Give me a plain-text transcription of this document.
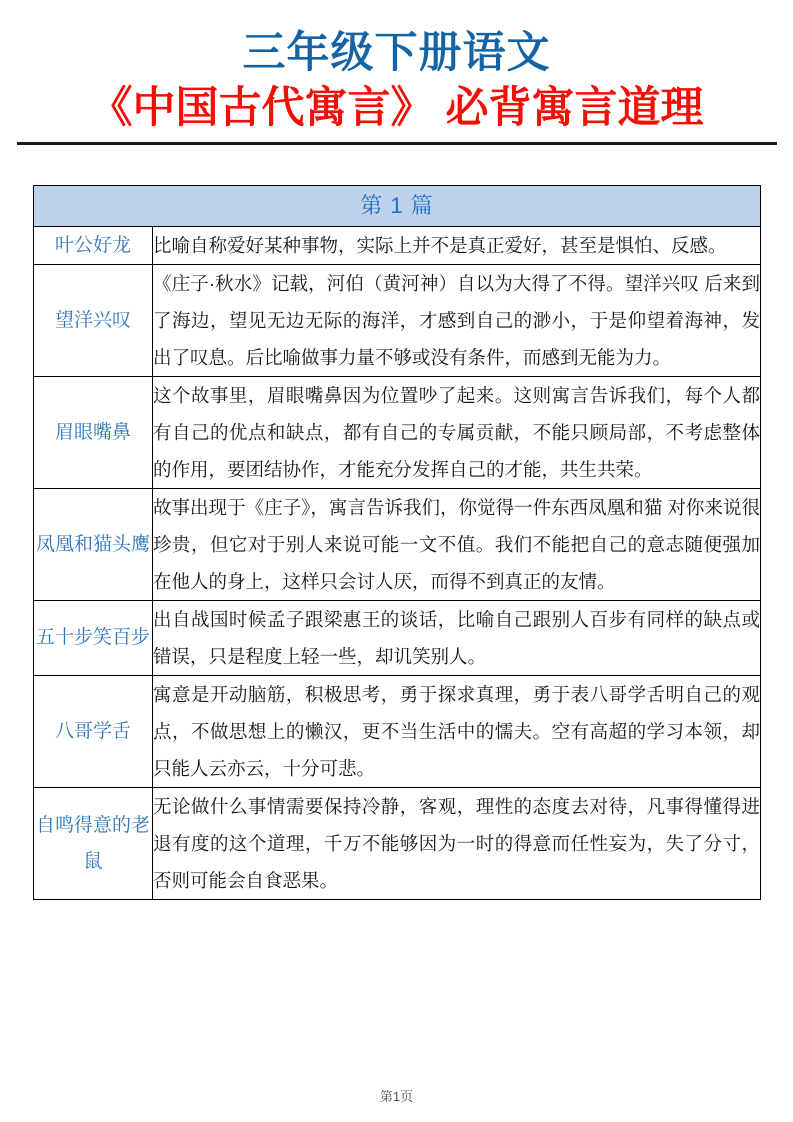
三年级下册语文
《中国古代寓言》 必背寓言道理
第 1 篇	
叶公好龙	比喻自称爱好某种事物，实际上并不是真正爱好，甚至是惧怕、反感。
望洋兴叹	《庄子·秋水》记载，河伯（黄河神）自以为大得了不得。望洋兴叹 后来到了海边，望见无边无际的海洋，才感到自己的渺小，于是仰望着海神，发出了叹息。后比喻做事力量不够或没有条件，而感到无能为力。
眉眼嘴鼻	这个故事里，眉眼嘴鼻因为位置吵了起来。这则寓言告诉我们，每个人都有自己的优点和缺点，都有自己的专属贡献，不能只顾局部，不考虑整体的作用，要团结协作，才能充分发挥自己的才能，共生共荣。
凤凰和猫头鹰	故事出现于《庄子》，寓言告诉我们，你觉得一件东西凤凰和猫 对你来说很珍贵，但它对于别人来说可能一文不值。我们不能把自己的意志随便强加在他人的身上，这样只会讨人厌，而得不到真正的友情。
五十步笑百步	出自战国时候孟子跟梁惠王的谈话，比喻自己跟别人百步有同样的缺点或错误，只是程度上轻一些，却讥笑别人。
八哥学舌	寓意是开动脑筋，积极思考，勇于探求真理，勇于表八哥学舌明自己的观点，不做思想上的懒汉，更不当生活中的懦夫。空有高超的学习本领，却只能人云亦云，十分可悲。
自鸣得意的老鼠	无论做什么事情需要保持冷静，客观，理性的态度去对待，凡事得懂得进退有度的这个道理，千万不能够因为一时的得意而任性妄为，失了分寸，否则可能会自食恶果。
第1页
